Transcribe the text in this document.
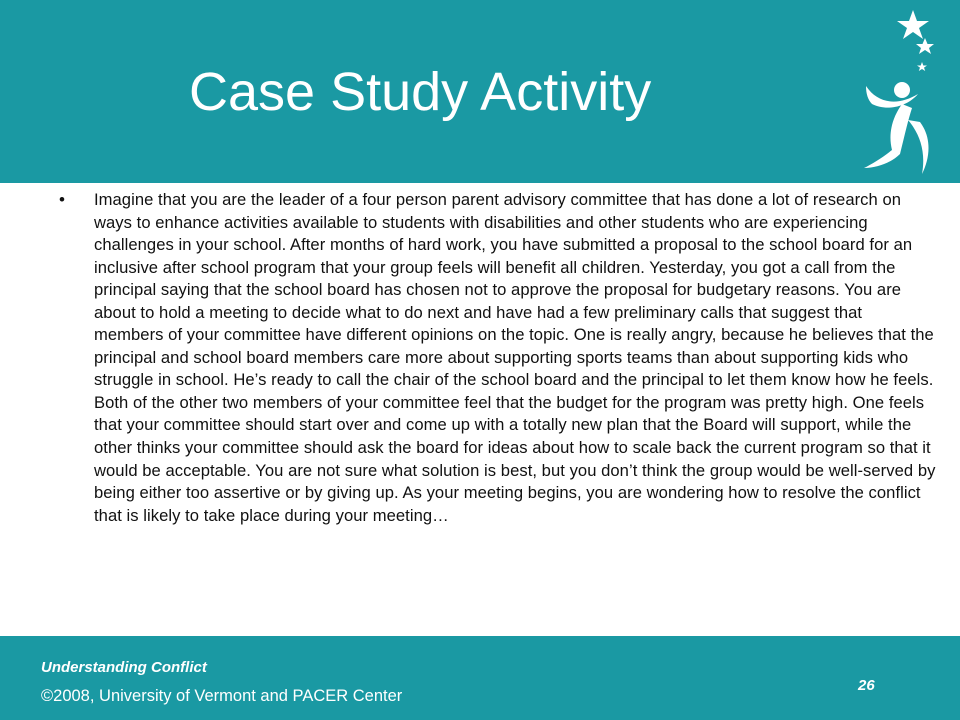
Case Study Activity
•	Imagine that you are the leader of a four person parent advisory committee that has done a lot of research on ways to enhance activities available to students with disabilities and other students who are experiencing challenges in your school. After months of hard work, you have submitted a proposal to the school board for an inclusive after school program that your group feels will benefit all children. Yesterday, you got a call from the principal saying that the school board has chosen not to approve the proposal for budgetary reasons. You are about to hold a meeting to decide what to do next and have had a few preliminary calls that suggest that members of your committee have different opinions on the topic. One is really angry, because he believes that the principal and school board members care more about supporting sports teams than about supporting kids who struggle in school. He’s ready to call the chair of the school board and the principal to let them know how he feels. Both of the other two members of your committee feel that the budget for the program was pretty high. One feels that your committee should start over and come up with a totally new plan that the Board will support, while the other thinks your committee should ask the board for ideas about how to scale back the current program so that it would be acceptable. You are not sure what solution is best, but you don’t think the group would be well-served by being either too assertive or by giving up. As your meeting begins, you are wondering how to resolve the conflict that is likely to take place during your meeting…

Understanding Conflict
©2008, University of Vermont and PACER Center
26
